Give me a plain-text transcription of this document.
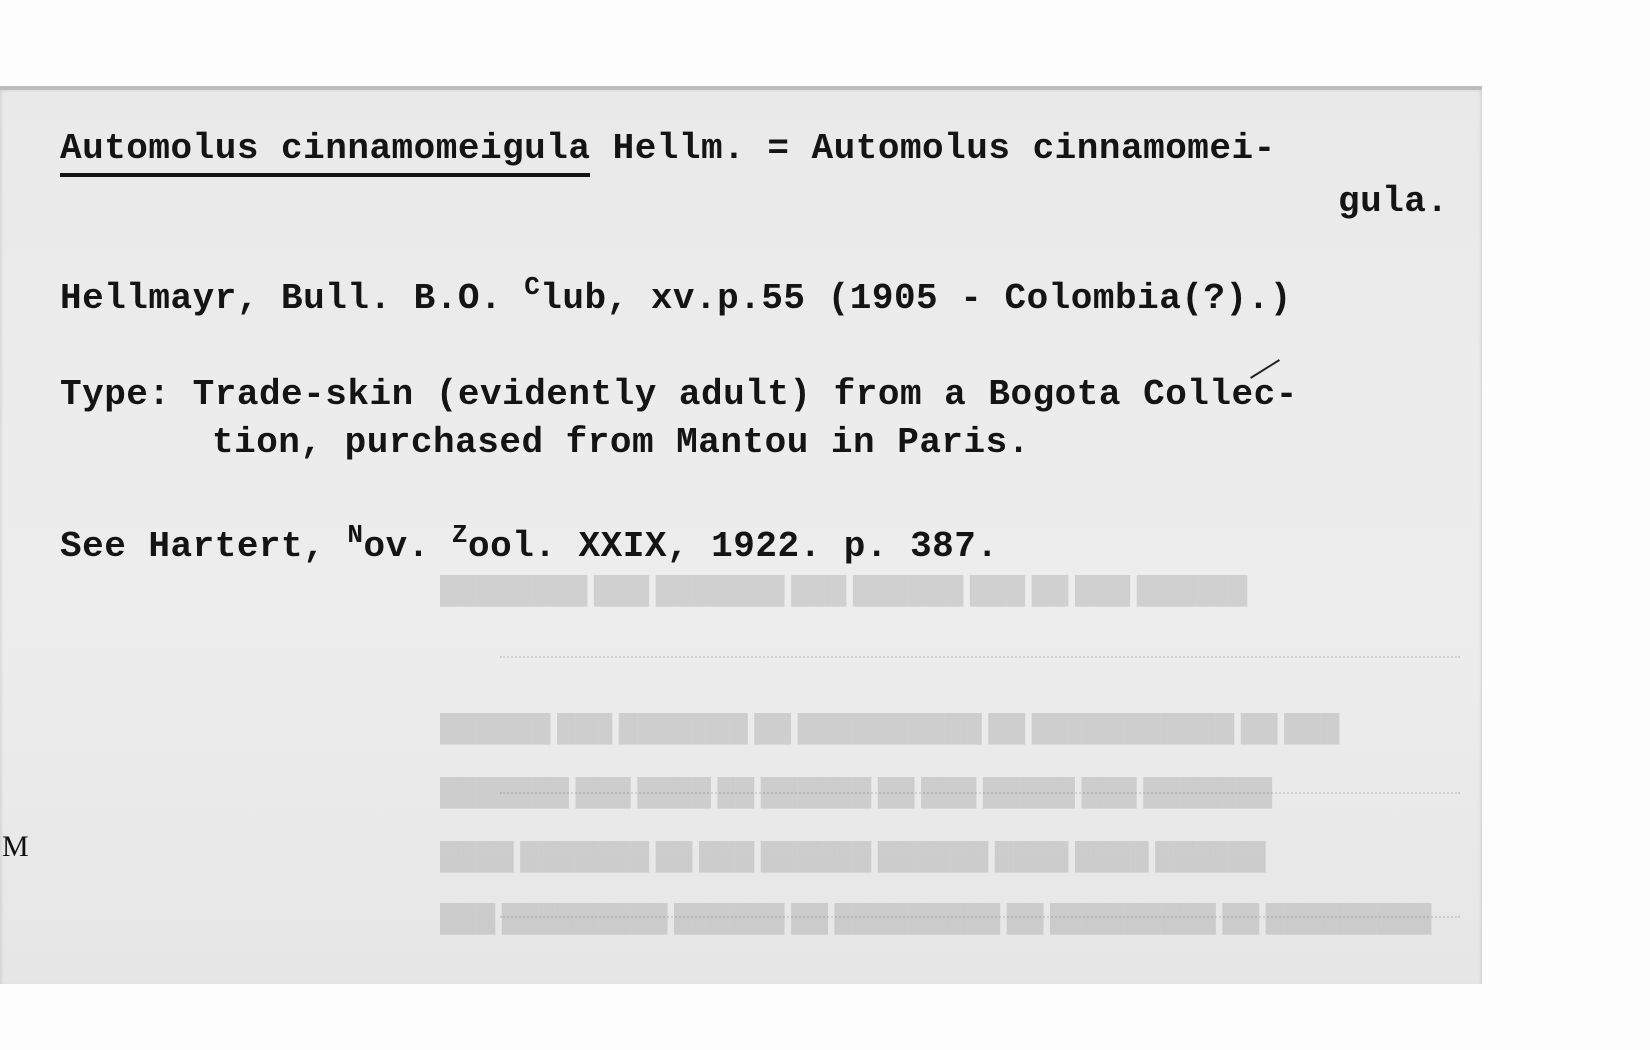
████████ ███ ███████ ███ ██████ ███ ██ ███ ██████
██████ ███ ███████ ██ ██████████ ██ ███████████ ██ ███
███████ ███ ████ ██ ██████ ██ ███ █████ ███ ███████
████ ███████ ██ ███ ██████ ██████ ████ ████ ██████
███ █████████ ██████ ██ █████████ ██ █████████ ██ █████████
Automolus cinnamomeigula Hellm. = Automolus cinnamomei-
gula.
Hellmayr, Bull. B.O. $^C$lub, xv.p.55 (1905 - Colombia(?).)
Type: Trade-skin (evidently adult) from a Bogota Collec-
tion, purchased from Mantou in Paris.
See Hartert, $^N$ov. $^Z$ool. XXIX, 1922. p. 387.
M
